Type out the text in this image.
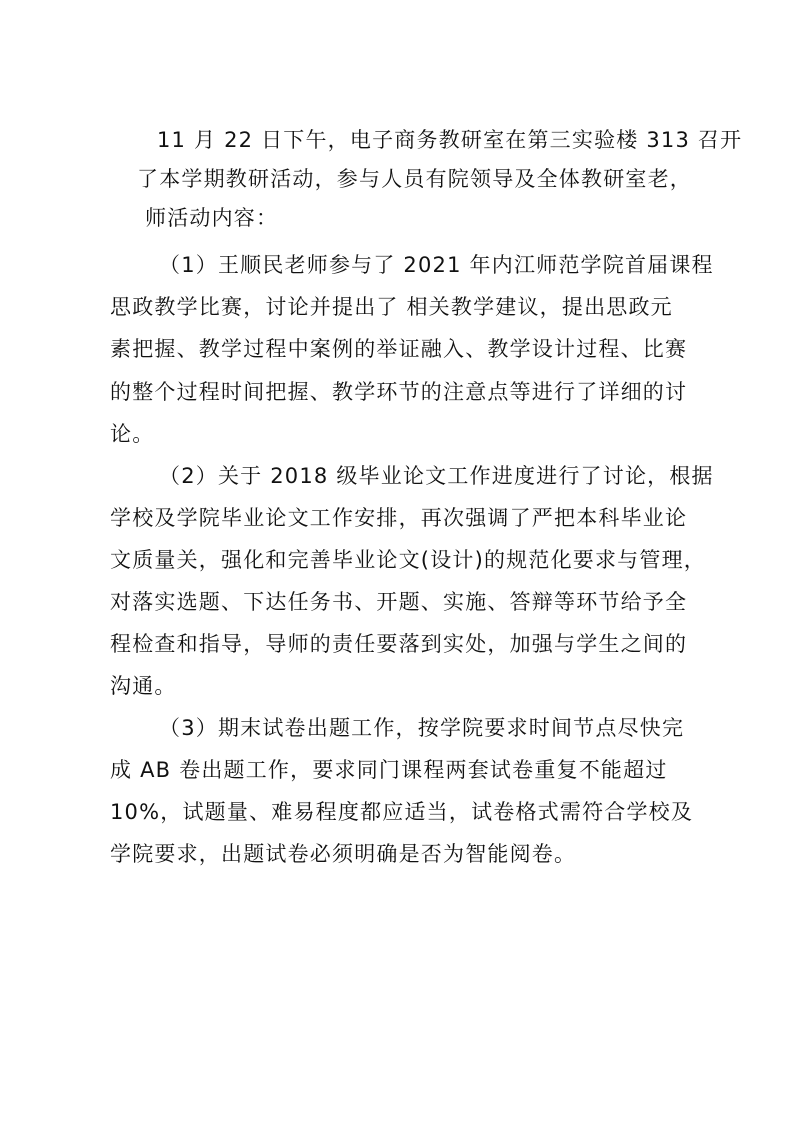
11 月 22 日下午，电子商务教研室在第三实验楼 313 召开
了本学期教研活动，参与人员有院领导及全体教研室老，
师活动内容：
（1）王顺民老师参与了 2021 年内江师范学院首届课程
思政教学比赛，讨论并提出了 相关教学建议，提出思政元
素把握、教学过程中案例的举证融入、教学设计过程、比赛
的整个过程时间把握、教学环节的注意点等进行了详细的讨
论。
（2）关于 2018 级毕业论文工作进度进行了讨论，根据
学校及学院毕业论文工作安排，再次强调了严把本科毕业论
文质量关，强化和完善毕业论文(设计)的规范化要求与管理，
对落实选题、下达任务书、开题、实施、答辩等环节给予全
程检查和指导，导师的责任要落到实处，加强与学生之间的
沟通。
（3）期末试卷出题工作，按学院要求时间节点尽快完
成 AB 卷出题工作，要求同门课程两套试卷重复不能超过
10%，试题量、难易程度都应适当，试卷格式需符合学校及
学院要求，出题试卷必须明确是否为智能阅卷。
